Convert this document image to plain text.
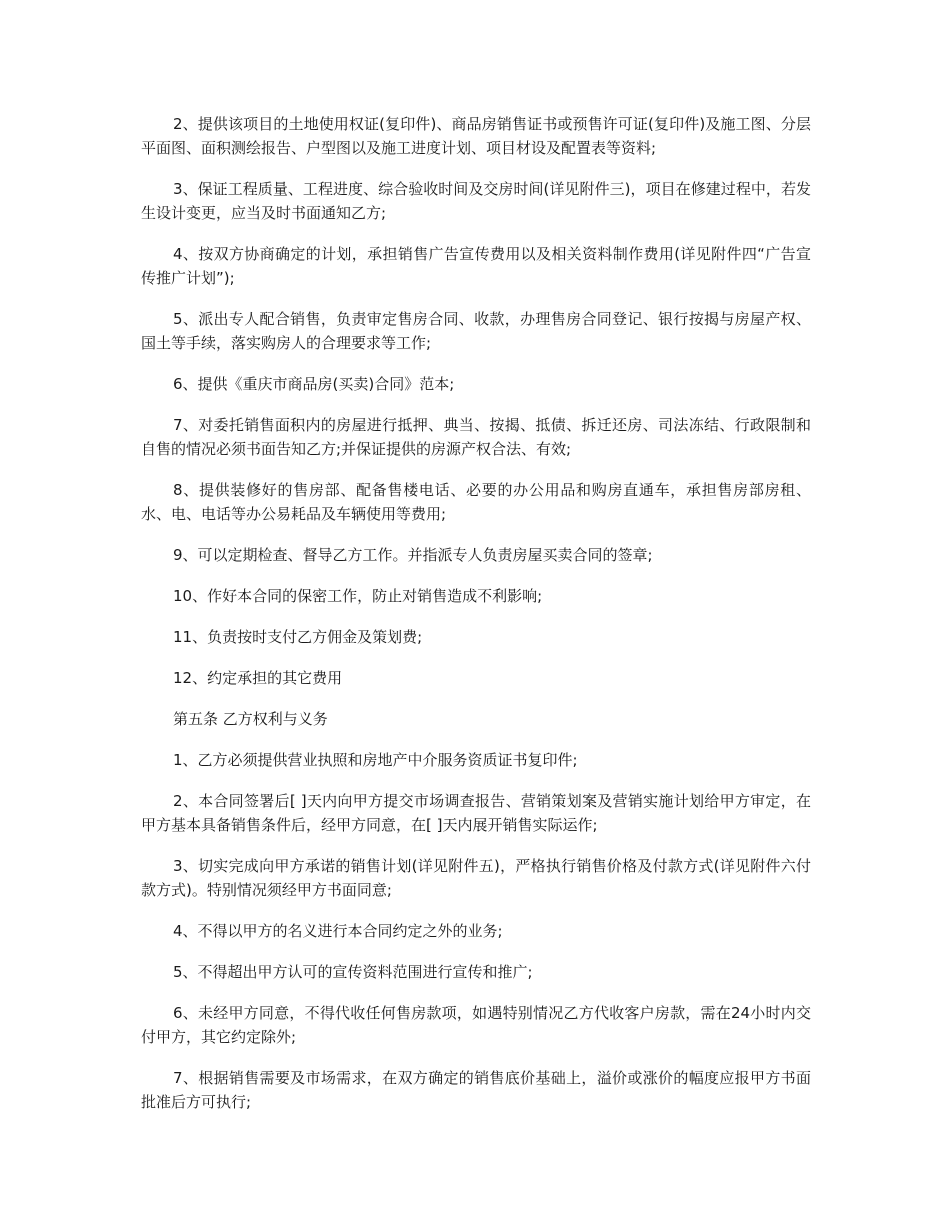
2、提供该项目的土地使用权证(复印件)、商品房销售证书或预售许可证(复印件)及施工图、分层平面图、面积测绘报告、户型图以及施工进度计划、项目材设及配置表等资料;

3、保证工程质量、工程进度、综合验收时间及交房时间(详见附件三)，项目在修建过程中，若发生设计变更，应当及时书面通知乙方;

4、按双方协商确定的计划，承担销售广告宣传费用以及相关资料制作费用(详见附件四“广告宣传推广计划”);

5、派出专人配合销售，负责审定售房合同、收款，办理售房合同登记、银行按揭与房屋产权、国土等手续，落实购房人的合理要求等工作;

6、提供《重庆市商品房(买卖)合同》范本;

7、对委托销售面积内的房屋进行抵押、典当、按揭、抵债、拆迁还房、司法冻结、行政限制和自售的情况必须书面告知乙方;并保证提供的房源产权合法、有效;

8、提供装修好的售房部、配备售楼电话、必要的办公用品和购房直通车，承担售房部房租、水、电、电话等办公易耗品及车辆使用等费用;

9、可以定期检查、督导乙方工作。并指派专人负责房屋买卖合同的签章;

10、作好本合同的保密工作，防止对销售造成不利影响;

11、负责按时支付乙方佣金及策划费;

12、约定承担的其它费用

第五条 乙方权利与义务

1、乙方必须提供营业执照和房地产中介服务资质证书复印件;

2、本合同签署后[ ]天内向甲方提交市场调查报告、营销策划案及营销实施计划给甲方审定，在甲方基本具备销售条件后，经甲方同意，在[ ]天内展开销售实际运作;

3、切实完成向甲方承诺的销售计划(详见附件五)，严格执行销售价格及付款方式(详见附件六付款方式)。特别情况须经甲方书面同意;

4、不得以甲方的名义进行本合同约定之外的业务;

5、不得超出甲方认可的宣传资料范围进行宣传和推广;

6、未经甲方同意，不得代收任何售房款项，如遇特别情况乙方代收客户房款，需在24小时内交付甲方，其它约定除外;

7、根据销售需要及市场需求，在双方确定的销售底价基础上，溢价或涨价的幅度应报甲方书面批准后方可执行;
